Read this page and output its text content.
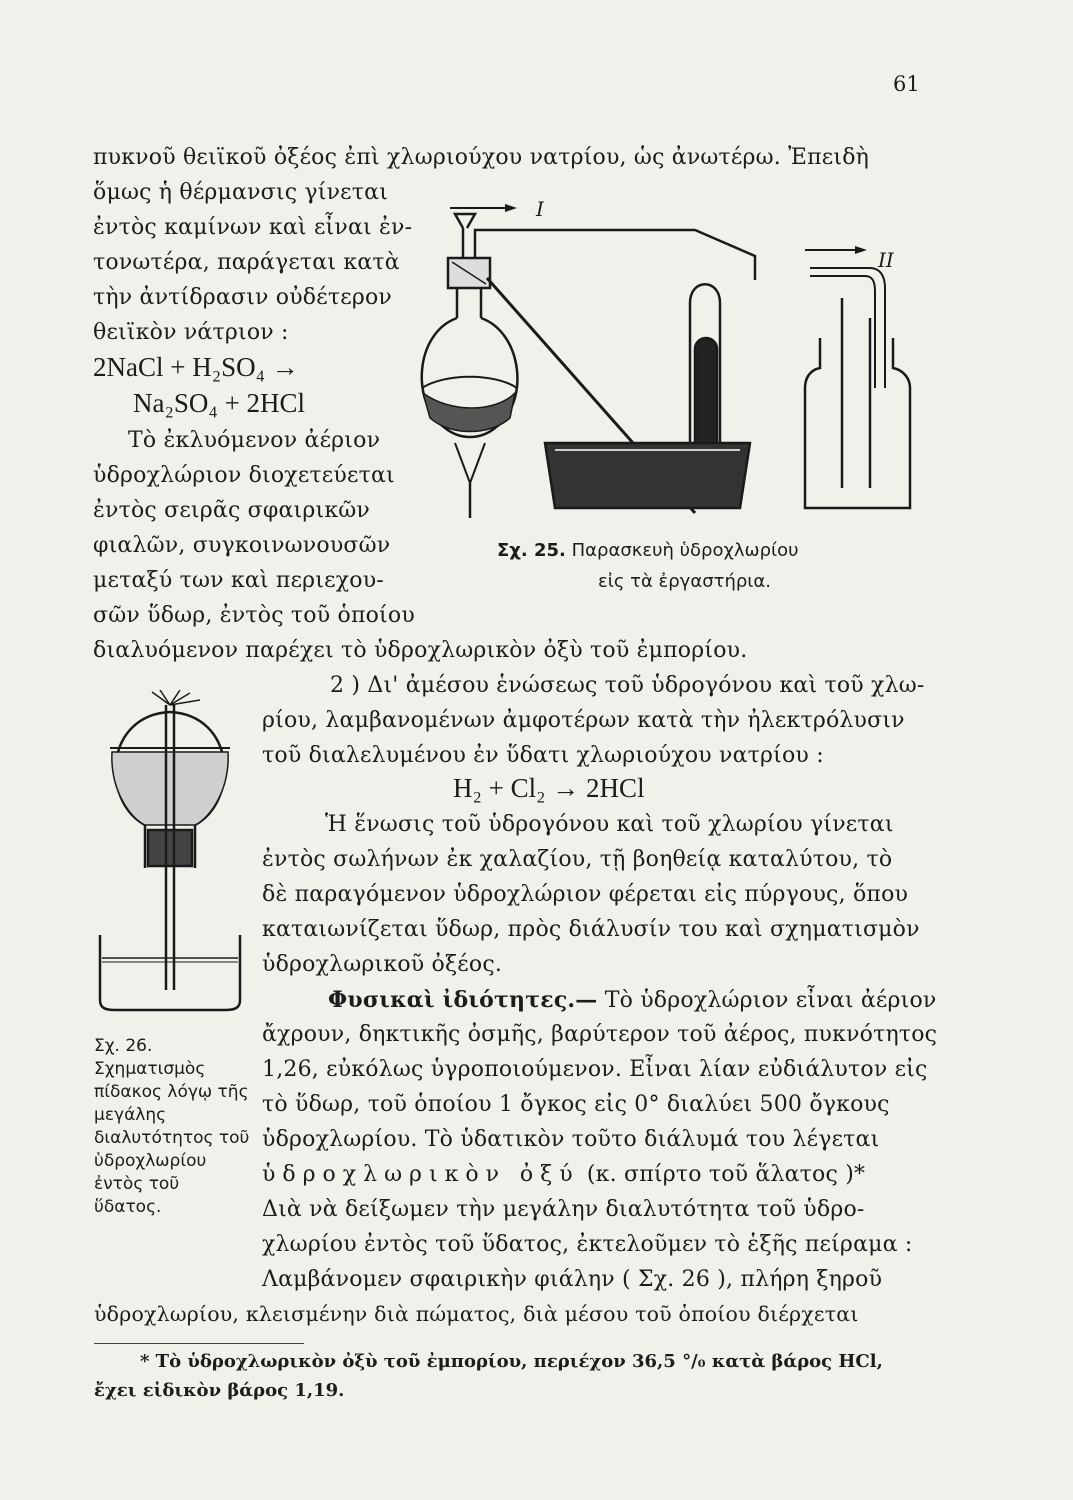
61
πυκνοῦ θειϊκοῦ ὀξέος ἐπὶ χλωριούχου νατρίου, ὡς ἀνωτέρω. Ἐπειδὴ
ὅμως ἡ θέρμανσις γίνεται
ἐντὸς καμίνων καὶ εἶναι ἐν-
τονωτέρα, παράγεται κατὰ
τὴν ἀντίδρασιν οὐδέτερον
θειϊκὸν νάτριον :
2NaCl + H₂SO₄ →
Na₂SO₄ + 2HCl
Τὸ ἐκλυόμενον ἀέριον
ὑδροχλώριον διοχετεύεται
ἐντὸς σειρᾶς σφαιρικῶν
φιαλῶν, συγκοινωνουσῶν
μεταξύ των καὶ περιεχου-
σῶν ὕδωρ, ἐντὸς τοῦ ὁποίου
διαλυόμενον παρέχει τὸ ὑδροχλωρικὸν ὀξὺ τοῦ ἐμπορίου.
I
II
Σχ. 25. Παρασκευὴ ὑδροχλωρίου
εἰς τὰ ἐργαστήρια.
2 ) Δι' ἀμέσου ἑνώσεως τοῦ ὑδρογόνου καὶ τοῦ χλω-
ρίου, λαμβανομένων ἀμφοτέρων κατὰ τὴν ἠλεκτρόλυσιν
τοῦ διαλελυμένου ἐν ὕδατι χλωριούχου νατρίου :
H₂ + Cl₂ → 2HCl
Ἡ ἕνωσις τοῦ ὑδρογόνου καὶ τοῦ χλωρίου γίνεται
ἐντὸς σωλήνων ἐκ χαλαζίου, τῇ βοηθείᾳ καταλύτου, τὸ
δὲ παραγόμενον ὑδροχλώριον φέρεται εἰς πύργους, ὅπου
καταιωνίζεται ὕδωρ, πρὸς διάλυσίν του καὶ σχηματισμὸν
ὑδροχλωρικοῦ ὀξέος.
Σχ. 26. Σχηματισμὸς πίδακος λόγῳ τῆς μεγάλης διαλυτότητος τοῦ ὑδροχλωρίου ἐντὸς τοῦ ὕδατος.
Φυσικαὶ ἰδιότητες.— Τὸ ὑδροχλώριον εἶναι ἀέριον
ἄχρουν, δηκτικῆς ὀσμῆς, βαρύτερον τοῦ ἀέρος, πυκνότητος
1,26, εὐκόλως ὑγροποιούμενον. Εἶναι λίαν εὐδιάλυτον εἰς
τὸ ὕδωρ, τοῦ ὁποίου 1 ὄγκος εἰς 0° διαλύει 500 ὄγκους
ὑδροχλωρίου. Τὸ ὑδατικὸν τοῦτο διάλυμά του λέγεται
ὑδροχλωρικὸν ὀξύ (κ. σπίρτο τοῦ ἅλατος )*
Διὰ νὰ δείξωμεν τὴν μεγάλην διαλυτότητα τοῦ ὑδρο-
χλωρίου ἐντὸς τοῦ ὕδατος, ἐκτελοῦμεν τὸ ἑξῆς πείραμα :
Λαμβάνομεν σφαιρικὴν φιάλην ( Σχ. 26 ), πλήρη ξηροῦ
ὑδροχλωρίου, κλεισμένην διὰ πώματος, διὰ μέσου τοῦ ὁποίου διέρχεται
* Τὸ ὑδροχλωρικὸν ὀξὺ τοῦ ἐμπορίου, περιέχον 36,5 °/₀ κατὰ βάρος HCl,
ἔχει εἰδικὸν βάρος 1,19.
